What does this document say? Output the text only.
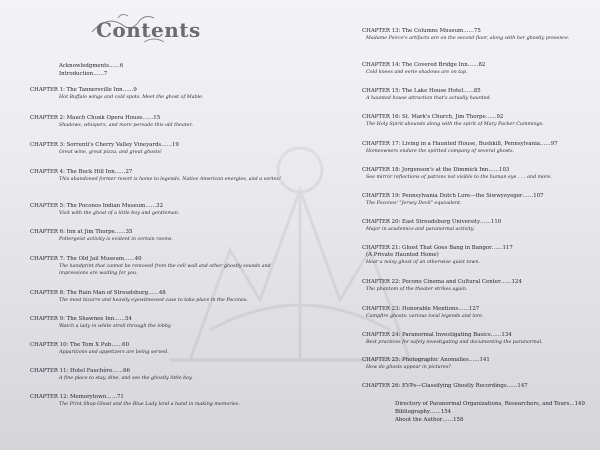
Contents
Acknowledgments……6
Introduction……7
CHAPTER 1: The Tannersville Inn……9
Hot Buffalo wings and cold spots. Meet the ghost of Mable.
CHAPTER 2: Mauch Chunk Opera House……15
Shadows, whispers, and more pervade this old theater.
CHAPTER 3: Sorrenti's Cherry Valley Vineyards……19
Great wine, great pizza, and great ghosts!
CHAPTER 4: The Buck Hill Inn……27
This abandoned former resort is home to legends, Native American energies, and a vortex!
CHAPTER 5: The Poconos Indian Museum……32
Visit with the ghost of a little boy and gentleman.
CHAPTER 6: Inn at Jim Thorpe……35
Poltergeist activity is evident in certain rooms.
CHAPTER 7: The Old Jail Museum……40
The handprint that cannot be removed from the cell wall and other ghostly sounds and impressions are waiting for you.
CHAPTER 8: The Rain Man of Stroudsburg……48
The most bizarre and heavily eyewitnessed case to take place in the Poconos.
CHAPTER 9: The Shawnee Inn……54
Watch a lady in white stroll through the lobby.
CHAPTER 10: The Tom X Pub……60
Apparitions and appetizers are being served.
CHAPTER 11: Hotel Fauchère……66
A fine place to stay, dine, and see the ghostly little boy.
CHAPTER 12: Memorytown……71
The Print Shop Ghost and the Blue Lady lend a hand in making memories.
CHAPTER 13: The Columns Museum……75
Madame Peirce's artifacts are on the second floor, along with her ghostly presence.
CHAPTER 14: The Covered Bridge Inn……82
Cold knees and eerie shadows are on tap.
CHAPTER 15: The Lake House Hotel……85
A haunted house attraction that's actually haunted.
CHAPTER 16: St. Mark's Church, Jim Thorpe……92
The Holy Spirit abounds along with the spirit of Mary Packer Cummings.
CHAPTER 17: Living in a Haunted House, Bushkill, Pennsylvania……97
Homeowners endure the spirited company of several ghosts.
CHAPTER 18: Jorgenson's at the Dimmick Inn……103
See mirror reflections of patrons not visible to the human eye . . . and more.
CHAPTER 19: Pennsylvania Dutch Lore—the Siwwyeyeger……107
The Poconos' "Jersey Devil" equivalent.
CHAPTER 20: East Stroudsburg University……110
Major in academics and paranormal activity.
CHAPTER 21: Ghost That Goes Bang in Bangor……117
(A Private Haunted Home)
Hear a noisy ghost of an otherwise quiet town.
CHAPTER 22: Pocono Cinema and Cultural Center……124
The phantom of the theater strikes again.
CHAPTER 23: Honorable Mentions……127
Campfire ghosts: various local legends and lore.
CHAPTER 24: Paranormal Investigating Basics……134
Best practices for safely investigating and documenting the paranormal.
CHAPTER 25: Photographic Anomalies……141
How do ghosts appear in pictures?
CHAPTER 26: EVPs—Classifying Ghostly Recordings……147
Directory of Paranormal Organizations, Researchers, and Tours…149
Bibliography……154
About the Author……158
